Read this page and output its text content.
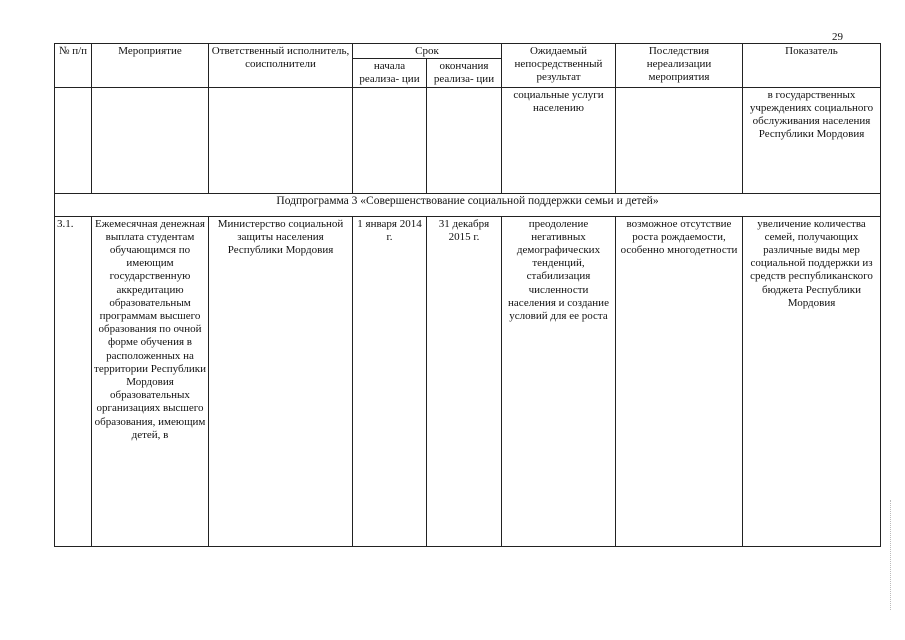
29
№ п/п	Мероприятие	Ответственный исполнитель, соисполнители	Срок		Ожидаемый непосредственный результат	Последствия нереализации мероприятия	Показатель
			начала реализа- ции	окончания реализа- ции			
					социальные услуги населению		в государственных учреждениях социального обслуживания населения Республики Мордовия
Подпрограмма 3 «Совершенствование социальной поддержки семьи и детей»							
3.1.	Ежемесячная денежная выплата студентам обучающимся по имеющим государственную аккредитацию образовательным программам высшего образования по очной форме обучения в расположенных на территории Республики Мордовия образовательных организациях высшего образования, имеющим детей, в	Министерство социальной защиты населения Республики Мордовия	1 января 2014 г.	31 декабря 2015 г.	преодоление негативных демографических тенденций, стабилизация численности населения и создание условий для ее роста	возможное отсутствие роста рождаемости, особенно многодетности	увеличение количества семей, получающих различные виды мер социальной поддержки из средств республиканского бюджета Республики Мордовия
